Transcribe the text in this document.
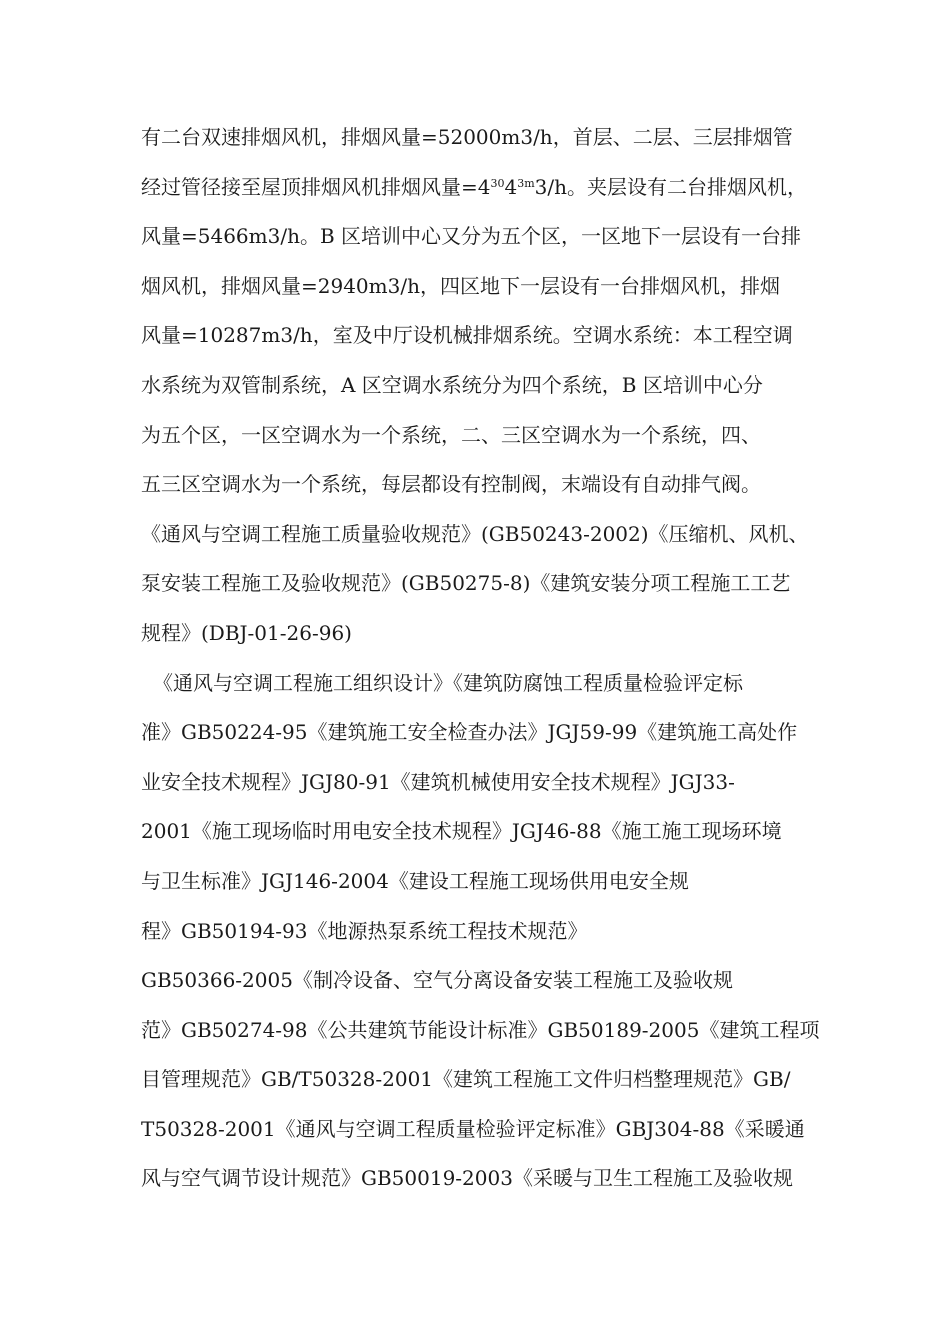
有二台双速排烟风机，排烟风量=52000m3/h，首层、二层、三层排烟管
经过管径接至屋顶排烟风机排烟风量$=4^{30}4^{3m}3/h$。夹层设有二台排烟风机，
风量=5466m3/h。B 区培训中心又分为五个区，一区地下一层设有一台排
烟风机，排烟风量=2940m3/h，四区地下一层设有一台排烟风机，排烟
风量=10287m3/h，室及中厅设机械排烟系统。空调水系统：本工程空调
水系统为双管制系统，A 区空调水系统分为四个系统，B 区培训中心分
为五个区，一区空调水为一个系统，二、三区空调水为一个系统，四、
五三区空调水为一个系统，每层都设有控制阀，末端设有自动排气阀。
《通风与空调工程施工质量验收规范》(GB50243-2002)《压缩机、风机、
泵安装工程施工及验收规范》(GB50275-8)《建筑安装分项工程施工工艺
规程》(DBJ-01-26-96)
《通风与空调工程施工组织设计》《建筑防腐蚀工程质量检验评定标
准》GB50224-95《建筑施工安全检查办法》JGJ59-99《建筑施工高处作
业安全技术规程》JGJ80-91《建筑机械使用安全技术规程》JGJ33-
2001《施工现场临时用电安全技术规程》JGJ46-88《施工施工现场环境
与卫生标准》JGJ146-2004《建设工程施工现场供用电安全规
程》GB50194-93《地源热泵系统工程技术规范》
GB50366-2005《制冷设备、空气分离设备安装工程施工及验收规
范》GB50274-98《公共建筑节能设计标准》GB50189-2005《建筑工程项
目管理规范》GB/T50328-2001《建筑工程施工文件归档整理规范》GB/
T50328-2001《通风与空调工程质量检验评定标准》GBJ304-88《采暖通
风与空气调节设计规范》GB50019-2003《采暖与卫生工程施工及验收规
